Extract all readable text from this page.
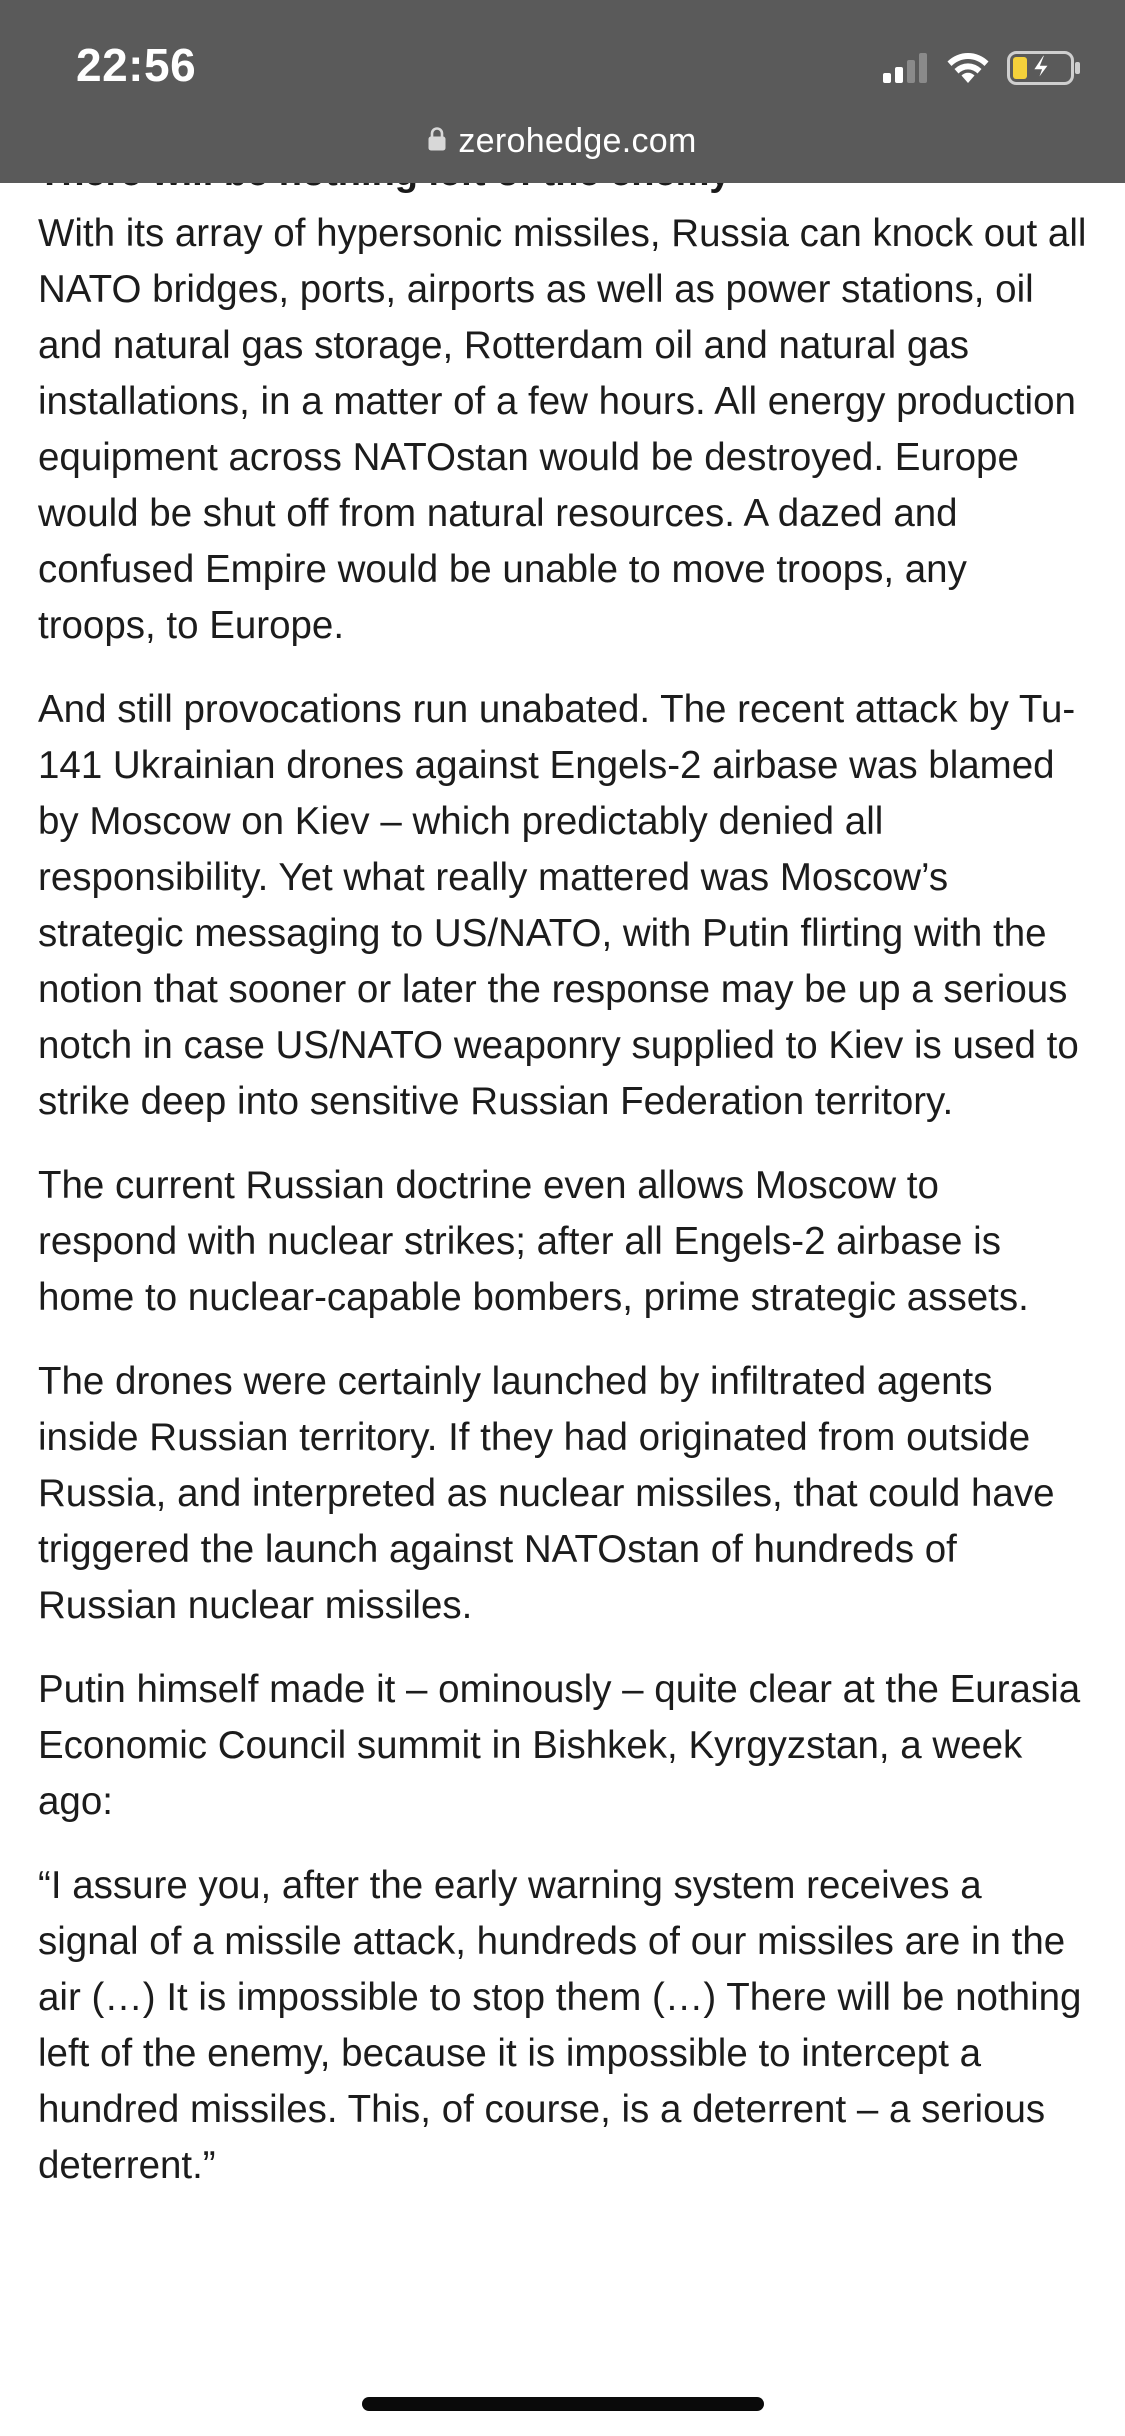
22:56
zerohedge.com

With its array of hypersonic missiles, Russia can knock out all NATO bridges, ports, airports as well as power stations, oil and natural gas storage, Rotterdam oil and natural gas installations, in a matter of a few hours. All energy production equipment across NATOstan would be destroyed. Europe would be shut off from natural resources. A dazed and confused Empire would be unable to move troops, any troops, to Europe.

And still provocations run unabated. The recent attack by Tu-141 Ukrainian drones against Engels-2 airbase was blamed by Moscow on Kiev – which predictably denied all responsibility. Yet what really mattered was Moscow’s strategic messaging to US/NATO, with Putin flirting with the notion that sooner or later the response may be up a serious notch in case US/NATO weaponry supplied to Kiev is used to strike deep into sensitive Russian Federation territory.

The current Russian doctrine even allows Moscow to respond with nuclear strikes; after all Engels-2 airbase is home to nuclear-capable bombers, prime strategic assets.

The drones were certainly launched by infiltrated agents inside Russian territory. If they had originated from outside Russia, and interpreted as nuclear missiles, that could have triggered the launch against NATOstan of hundreds of Russian nuclear missiles.

Putin himself made it – ominously – quite clear at the Eurasia Economic Council summit in Bishkek, Kyrgyzstan, a week ago:

“I assure you, after the early warning system receives a signal of a missile attack, hundreds of our missiles are in the air (…) It is impossible to stop them (…) There will be nothing left of the enemy, because it is impossible to intercept a hundred missiles. This, of course, is a deterrent – a serious deterrent.”
